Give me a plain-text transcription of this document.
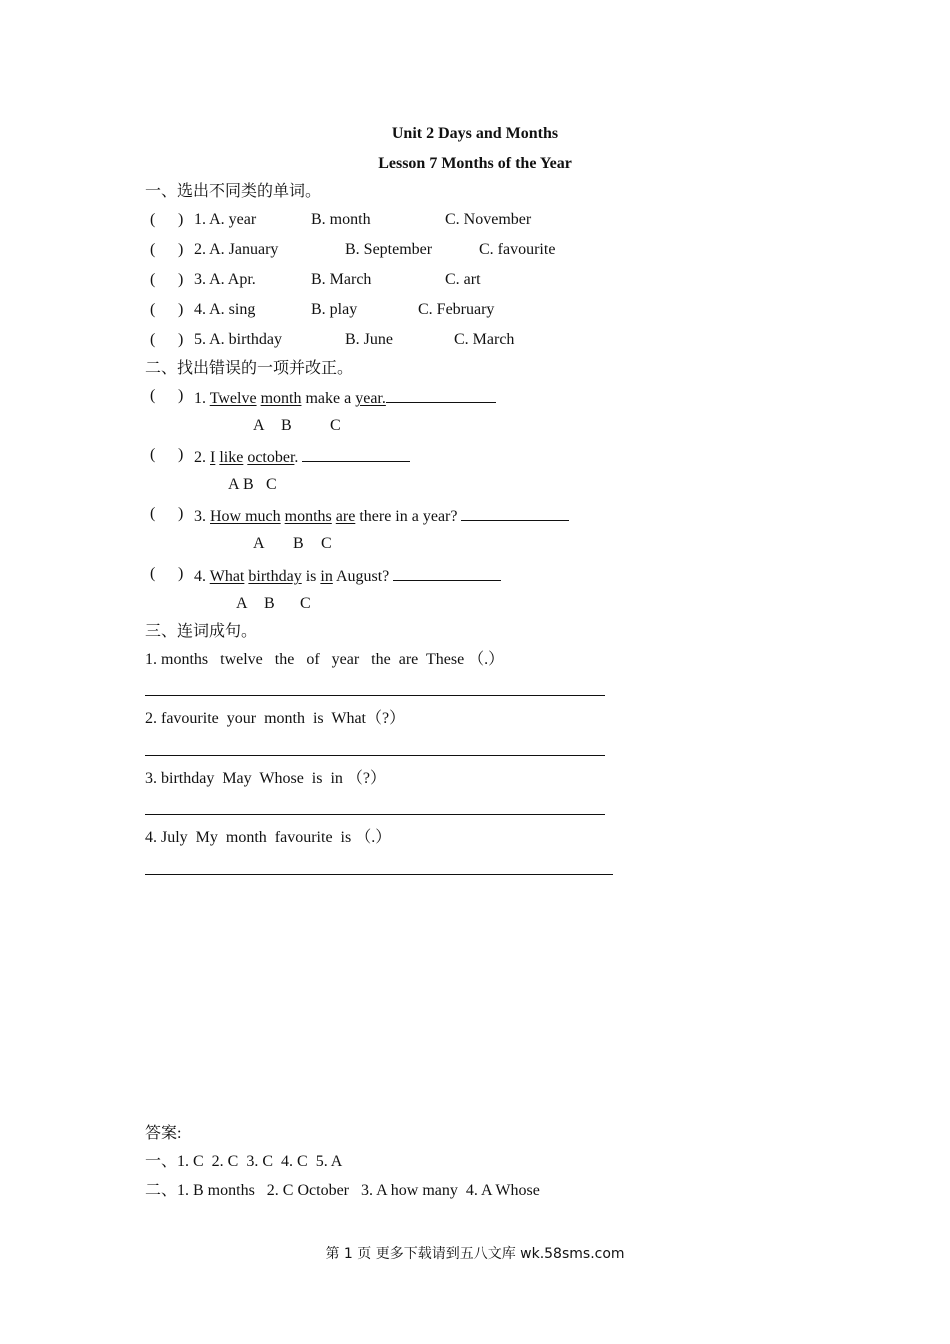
Unit 2 Days and Months
Lesson 7 Months of the Year
一、选出不同类的单词。
( ) 1. A. year	B. month	C. November
( ) 2. A. January	B. September	C. favourite
( ) 3. A. Apr.	B. March	C. art
( ) 4. A. sing	B. play	C. February
( ) 5. A. birthday	B. June	C. March
二、找出错误的一项并改正。
( ) 1. Twelve month make a year.
A B C
( ) 2. I like october.
A B C
( ) 3. How much months are there in a year?
A B C
( ) 4. What birthday is in August?
A B C
三、连词成句。
1. months   twelve   the   of   year   the  are  These （.）
2. favourite  your  month  is  What（?）
3. birthday  May  Whose  is  in （?）
4. July  My  month  favourite  is （.）
答案:
一、1. C  2. C  3. C  4. C  5. A
二、1. B months   2. C October   3. A how many  4. A Whose
第 1 页 更多下载请到五八文库 wk.58sms.com
